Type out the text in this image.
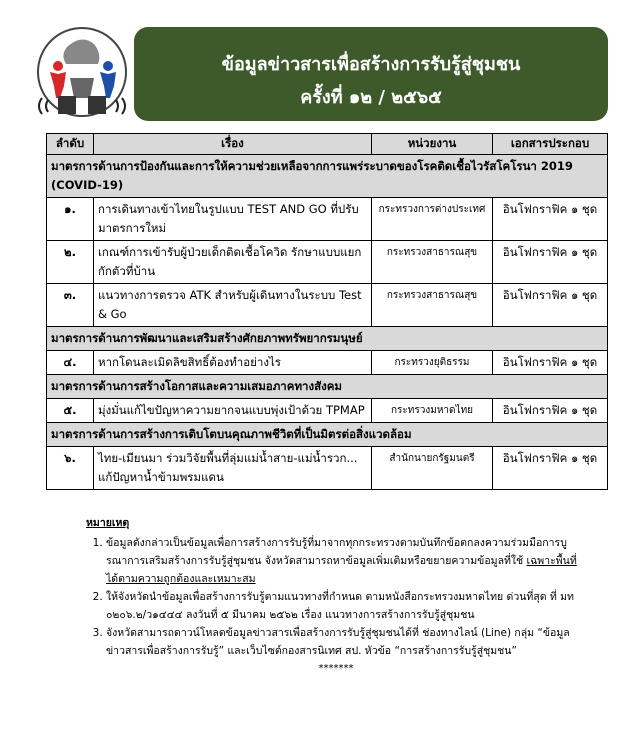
ข้อมูลข่าวสารเพื่อสร้างการรับรู้สู่ชุมชน
ครั้งที่ ๑๒ / ๒๕๖๕
ลำดับ	เรื่อง	หน่วยงาน	เอกสารประกอบ
มาตรการด้านการป้องกันและการให้ความช่วยเหลือจากการแพร่ระบาดของโรคติดเชื้อไวรัสโคโรนา 2019 (COVID-19)			
๑.	การเดินทางเข้าไทยในรูปแบบ TEST AND GO ที่ปรับมาตรการใหม่	กระทรวงการต่างประเทศ	อินโฟกราฟิค ๑ ชุด
๒.	เกณฑ์การเข้ารับผู้ป่วยเด็กติดเชื้อโควิด รักษาแบบแยกกักตัวที่บ้าน	กระทรวงสาธารณสุข	อินโฟกราฟิค ๑ ชุด
๓.	แนวทางการตรวจ ATK สำหรับผู้เดินทางในระบบ Test & Go	กระทรวงสาธารณสุข	อินโฟกราฟิค ๑ ชุด
มาตรการด้านการพัฒนาและเสริมสร้างศักยภาพทรัพยากรมนุษย์			
๔.	หากโดนละเมิดลิขสิทธิ์ต้องทำอย่างไร	กระทรวงยุติธรรม	อินโฟกราฟิค ๑ ชุด
มาตรการด้านการสร้างโอกาสและความเสมอภาคทางสังคม			
๕.	มุ่งมั่นแก้ไขปัญหาความยากจนแบบพุ่งเป้าด้วย TPMAP	กระทรวงมหาดไทย	อินโฟกราฟิค ๑ ชุด
มาตรการด้านการสร้างการเติบโตบนคุณภาพชีวิตที่เป็นมิตรต่อสิ่งแวดล้อม			
๖.	ไทย-เมียนมา ร่วมวิจัยพื้นที่ลุ่มแม่น้ำสาย-แม่น้ำรวก... แก้ปัญหาน้ำข้ามพรมแดน	สำนักนายกรัฐมนตรี	อินโฟกราฟิค ๑ ชุด
หมายเหตุ
1. ข้อมูลดังกล่าวเป็นข้อมูลเพื่อการสร้างการรับรู้ที่มาจากทุกกระทรวงตามบันทึกข้อตกลงความร่วมมือการบูรณาการเสริมสร้างการรับรู้สู่ชุมชน จังหวัดสามารถหาข้อมูลเพิ่มเติมหรือขยายความข้อมูลที่ใช้ เฉพาะพื้นที่ได้ตามความถูกต้องและเหมาะสม
2. ให้จังหวัดนำข้อมูลเพื่อสร้างการรับรู้ตามแนวทางที่กำหนด ตามหนังสือกระทรวงมหาดไทย ด่วนที่สุด ที่ มท ๐๒๐๖.๒/ว๑๔๔๔ ลงวันที่ ๕ มีนาคม ๒๕๖๒ เรื่อง แนวทางการสร้างการรับรู้สู่ชุมชน
3. จังหวัดสามารถดาวน์โหลดข้อมูลข่าวสารเพื่อสร้างการรับรู้สู่ชุมชนได้ที่ ช่องทางไลน์ (Line) กลุ่ม “ข้อมูลข่าวสารเพื่อสร้างการรับรู้” และเว็บไซต์กองสารนิเทศ สป. หัวข้อ “การสร้างการรับรู้สู่ชุมชน”
*******
